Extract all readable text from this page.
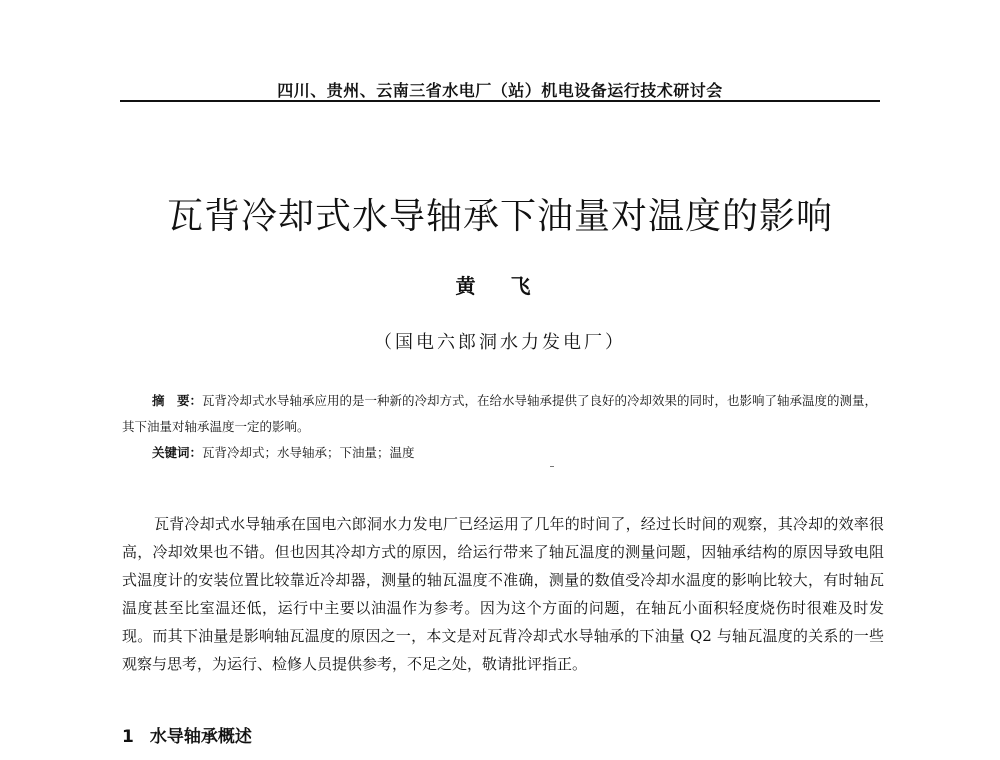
四川、贵州、云南三省水电厂（站）机电设备运行技术研讨会
瓦背冷却式水导轴承下油量对温度的影响
黄 飞
（国电六郎洞水力发电厂）

摘　要：瓦背冷却式水导轴承应用的是一种新的冷却方式，在给水导轴承提供了良好的冷却效果的同时，也影响了轴承温度的测量，其下油量对轴承温度一定的影响。

关键词：瓦背冷却式；水导轴承；下油量；温度

瓦背冷却式水导轴承在国电六郎洞水力发电厂已经运用了几年的时间了，经过长时间的观察，其冷却的效率很高，冷却效果也不错。但也因其冷却方式的原因，给运行带来了轴瓦温度的测量问题，因轴承结构的原因导致电阻式温度计的安装位置比较靠近冷却器，测量的轴瓦温度不准确，测量的数值受冷却水温度的影响比较大，有时轴瓦温度甚至比室温还低，运行中主要以油温作为参考。因为这个方面的问题，在轴瓦小面积轻度烧伤时很难及时发现。而其下油量是影响轴瓦温度的原因之一，本文是对瓦背冷却式水导轴承的下油量 Q2 与轴瓦温度的关系的一些观察与思考，为运行、检修人员提供参考，不足之处，敬请批评指正。

1 水导轴承概述
